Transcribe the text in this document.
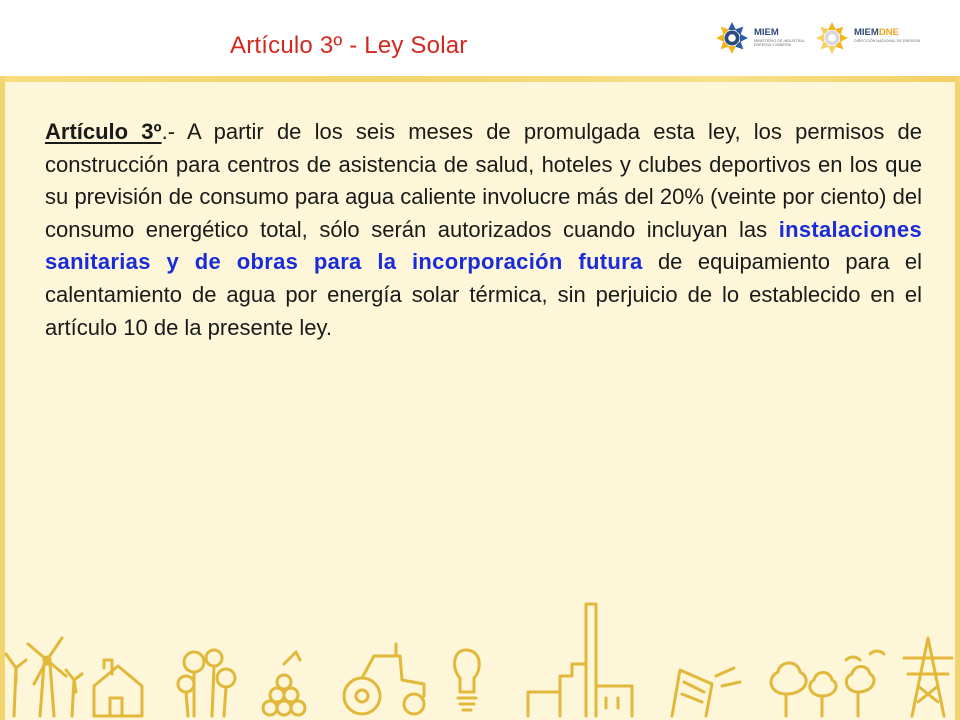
Artículo 3º - Ley Solar	MIEM
MINISTERIO DE INDUSTRIA,
ENERGÍA Y MINERÍA
MIEMDNE
DIRECCIÓN NACIONAL DE ENERGÍA
Artículo 3º.- A partir de los seis meses de promulgada esta ley, los permisos de construcción para centros de asistencia de salud, hoteles y clubes deportivos en los que su previsión de consumo para agua caliente involucre más del 20% (veinte por ciento) del consumo energético total, sólo serán autorizados cuando incluyan las instalaciones sanitarias y de obras para la incorporación futura de equipamiento para el calentamiento de agua por energía solar térmica, sin perjuicio de lo establecido en el artículo 10 de la presente ley.
